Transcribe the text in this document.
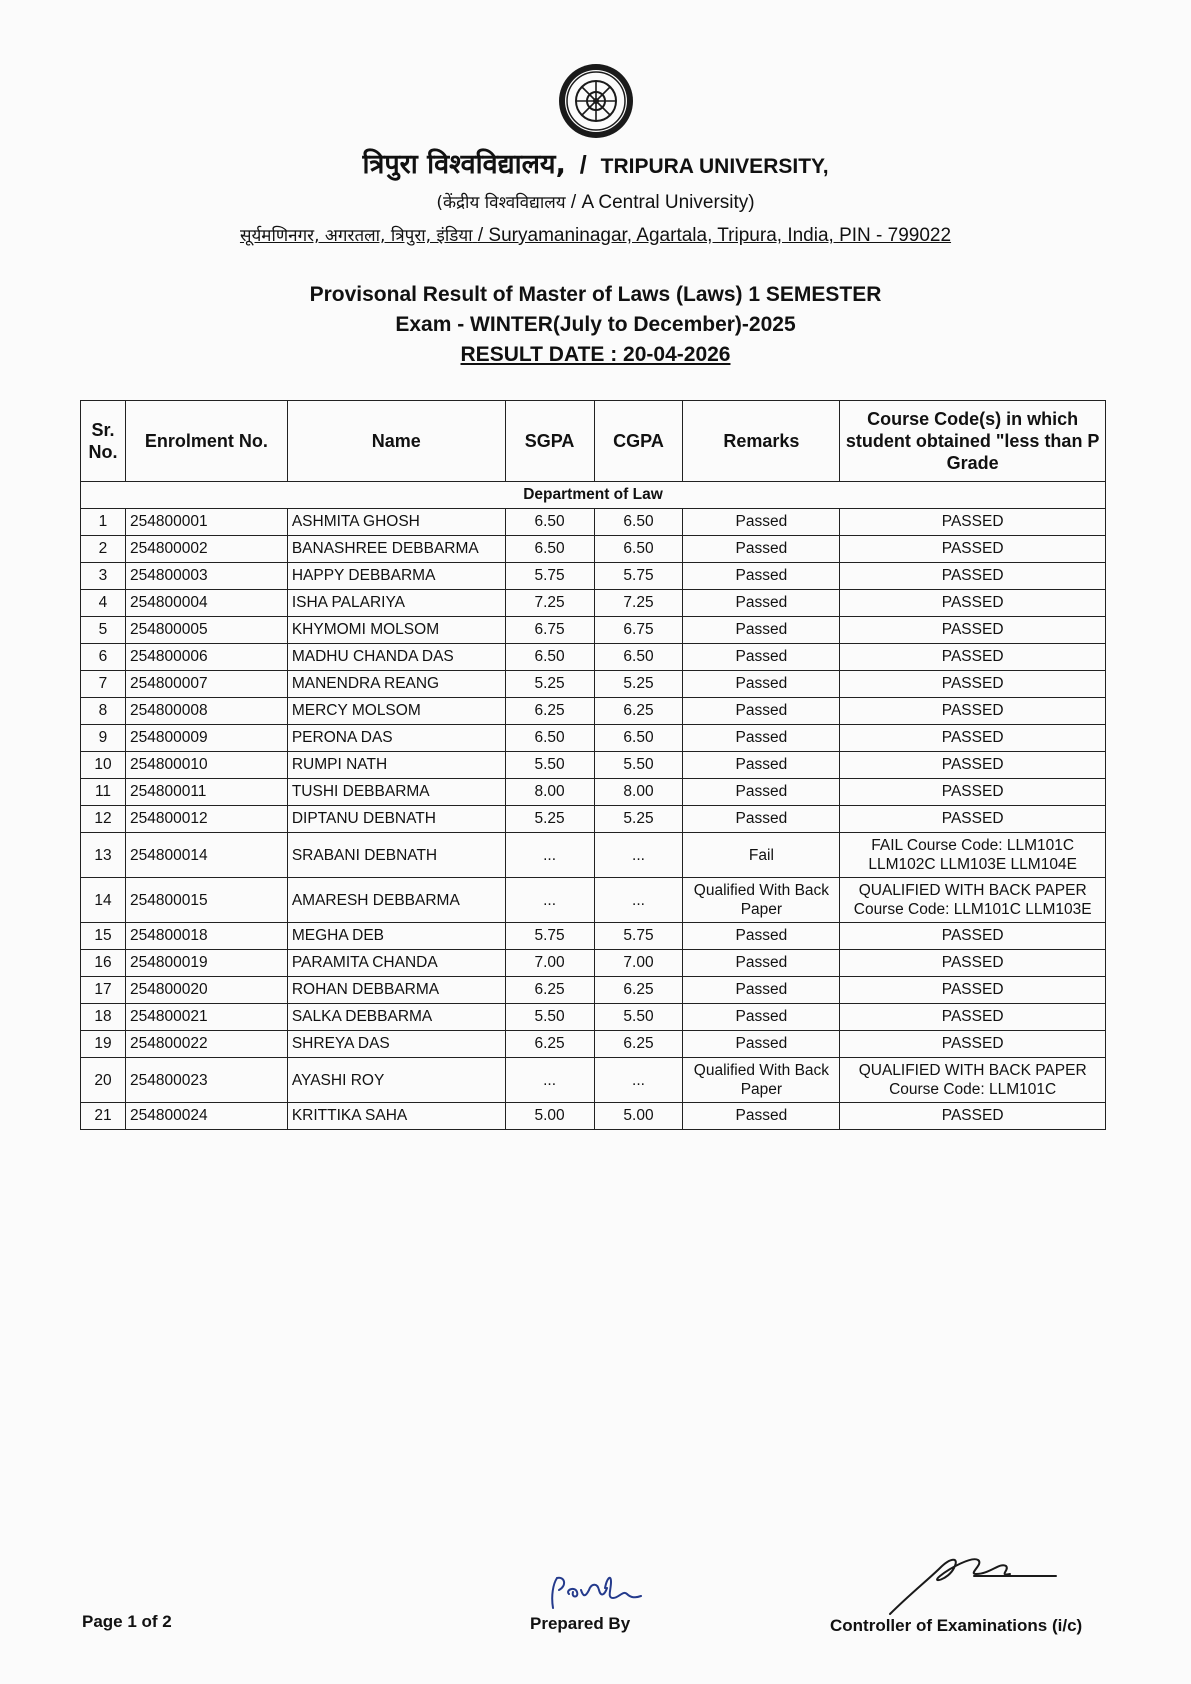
त्रिपुरा विश्वविद्यालय, / TRIPURA UNIVERSITY,
(केंद्रीय विश्वविद्यालय / A Central University)
सूर्यमणिनगर, अगरतला, त्रिपुरा, इंडिया / Suryamaninagar, Agartala, Tripura, India, PIN - 799022
Provisonal Result of Master of Laws (Laws) 1 SEMESTER
Exam - WINTER(July to December)-2025
RESULT DATE : 20-04-2026
Sr. No.	Enrolment No.	Name	SGPA	CGPA	Remarks	Course Code(s) in which student obtained "less than P Grade
Department of Law						
1	254800001	ASHMITA GHOSH	6.50	6.50	Passed	PASSED
2	254800002	BANASHREE DEBBARMA	6.50	6.50	Passed	PASSED
3	254800003	HAPPY DEBBARMA	5.75	5.75	Passed	PASSED
4	254800004	ISHA PALARIYA	7.25	7.25	Passed	PASSED
5	254800005	KHYMOMI MOLSOM	6.75	6.75	Passed	PASSED
6	254800006	MADHU CHANDA DAS	6.50	6.50	Passed	PASSED
7	254800007	MANENDRA REANG	5.25	5.25	Passed	PASSED
8	254800008	MERCY MOLSOM	6.25	6.25	Passed	PASSED
9	254800009	PERONA DAS	6.50	6.50	Passed	PASSED
10	254800010	RUMPI NATH	5.50	5.50	Passed	PASSED
11	254800011	TUSHI DEBBARMA	8.00	8.00	Passed	PASSED
12	254800012	DIPTANU DEBNATH	5.25	5.25	Passed	PASSED
13	254800014	SRABANI DEBNATH	...	...	Fail	FAIL Course Code: LLM101C LLM102C LLM103E LLM104E
14	254800015	AMARESH DEBBARMA	...	...	Qualified With Back Paper	QUALIFIED WITH BACK PAPER Course Code: LLM101C LLM103E
15	254800018	MEGHA DEB	5.75	5.75	Passed	PASSED
16	254800019	PARAMITA CHANDA	7.00	7.00	Passed	PASSED
17	254800020	ROHAN DEBBARMA	6.25	6.25	Passed	PASSED
18	254800021	SALKA DEBBARMA	5.50	5.50	Passed	PASSED
19	254800022	SHREYA DAS	6.25	6.25	Passed	PASSED
20	254800023	AYASHI ROY	...	...	Qualified With Back Paper	QUALIFIED WITH BACK PAPER Course Code: LLM101C
21	254800024	KRITTIKA SAHA	5.00	5.00	Passed	PASSED
Page 1 of 2	Prepared By	Controller of Examinations (i/c)
